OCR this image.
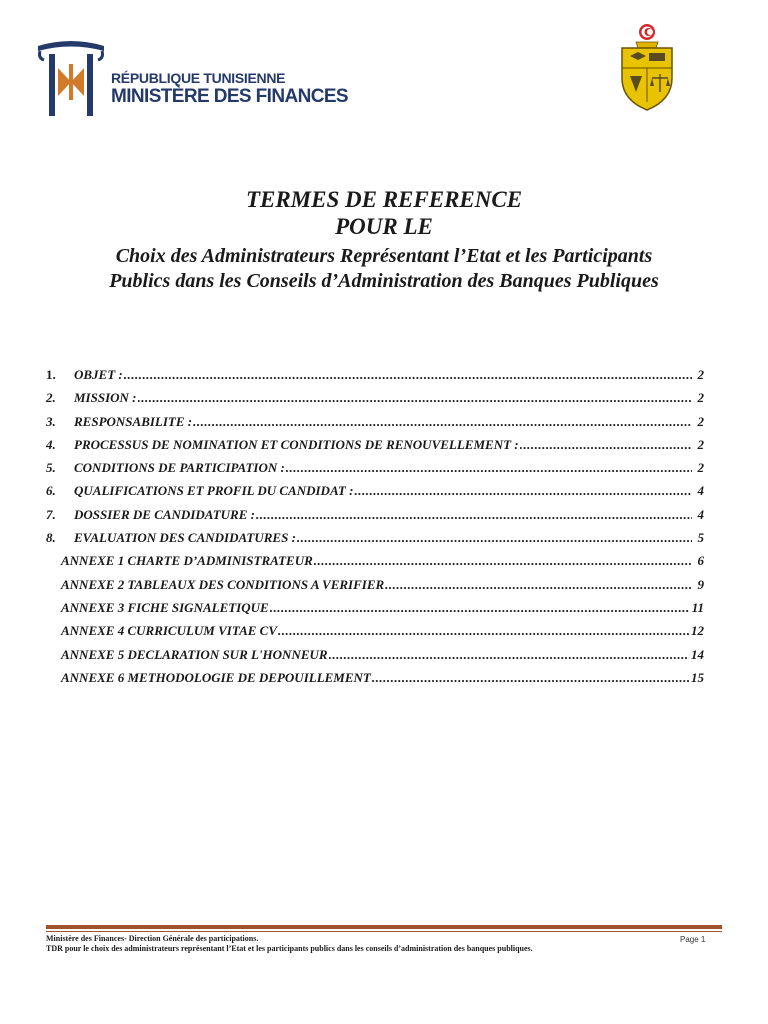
RÉPUBLIQUE TUNISIENNE
MINISTÈRE DES FINANCES
TERMES DE REFERENCE
POUR LE
Choix des Administrateurs Représentant l’Etat et les Participants
Publics dans les Conseils d’Administration des Banques Publiques
1.	OBJET : .....	2
2.	MISSION : .....	2
3.	RESPONSABILITE : .....	2
4.	PROCESSUS DE NOMINATION ET CONDITIONS DE RENOUVELLEMENT : .....	2
5.	CONDITIONS DE PARTICIPATION : .....	2
6.	QUALIFICATIONS ET PROFIL DU CANDIDAT : .....	4
7.	DOSSIER DE CANDIDATURE : .....	4
8.	EVALUATION DES CANDIDATURES : .....	5
ANNEXE 1 CHARTE D’ADMINISTRATEUR .....	6
ANNEXE 2 TABLEAUX DES CONDITIONS A VERIFIER .....	9
ANNEXE 3 FICHE SIGNALETIQUE .....	11
ANNEXE 4 CURRICULUM VITAE CV .....	12
ANNEXE 5 DECLARATION SUR L'HONNEUR .....	14
ANNEXE 6 METHODOLOGIE DE DEPOUILLEMENT .....	15
Ministère des Finances- Direction Générale des participations.
TDR pour le choix des administrateurs représentant l’Etat et les participants publics dans les conseils d’administration des banques publiques.
Page 1
